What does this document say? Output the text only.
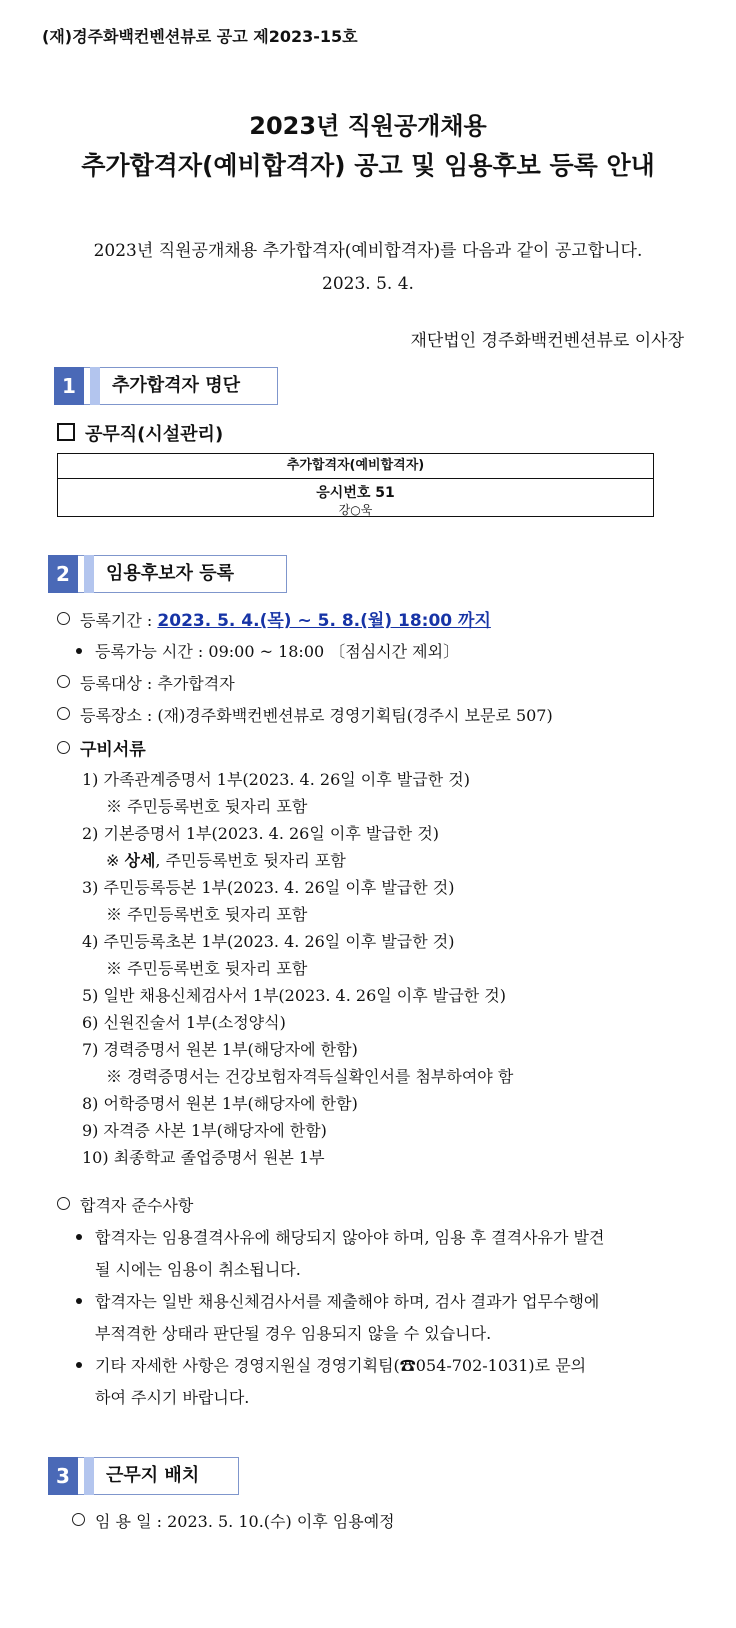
(재)경주화백컨벤션뷰로 공고 제2023-15호
2023년 직원공개채용
추가합격자(예비합격자) 공고 및 임용후보 등록 안내
2023년 직원공개채용 추가합격자(예비합격자)를 다음과 같이 공고합니다.
2023. 5. 4.
재단법인 경주화백컨벤션뷰로 이사장
1	추가합격자 명단
공무직(시설관리)
추가합격자(예비합격자)
응시번호 51
강○욱
2	임용후보자 등록
등록기간 : 2023. 5. 4.(목) ~ 5. 8.(월) 18:00 까지
등록가능 시간 : 09:00 ~ 18:00 〔점심시간 제외〕
등록대상 : 추가합격자
등록장소 : (재)경주화백컨벤션뷰로 경영기획팀(경주시 보문로 507)
구비서류
1) 가족관계증명서 1부(2023. 4. 26일 이후 발급한 것)
※ 주민등록번호 뒷자리 포함
2) 기본증명서 1부(2023. 4. 26일 이후 발급한 것)
※ 상세, 주민등록번호 뒷자리 포함
3) 주민등록등본 1부(2023. 4. 26일 이후 발급한 것)
※ 주민등록번호 뒷자리 포함
4) 주민등록초본 1부(2023. 4. 26일 이후 발급한 것)
※ 주민등록번호 뒷자리 포함
5) 일반 채용신체검사서 1부(2023. 4. 26일 이후 발급한 것)
6) 신원진술서 1부(소정양식)
7) 경력증명서 원본 1부(해당자에 한함)
※ 경력증명서는 건강보험자격득실확인서를 첨부하여야 함
8) 어학증명서 원본 1부(해당자에 한함)
9) 자격증 사본 1부(해당자에 한함)
10) 최종학교 졸업증명서 원본 1부
합격자 준수사항
합격자는 임용결격사유에 해당되지 않아야 하며, 임용 후 결격사유가 발견
될 시에는 임용이 취소됩니다.
합격자는 일반 채용신체검사서를 제출해야 하며, 검사 결과가 업무수행에
부적격한 상태라 판단될 경우 임용되지 않을 수 있습니다.
기타 자세한 사항은 경영지원실 경영기획팀(☎054-702-1031)로 문의
하여 주시기 바랍니다.
3	근무지 배치
임 용 일 : 2023. 5. 10.(수) 이후 임용예정
